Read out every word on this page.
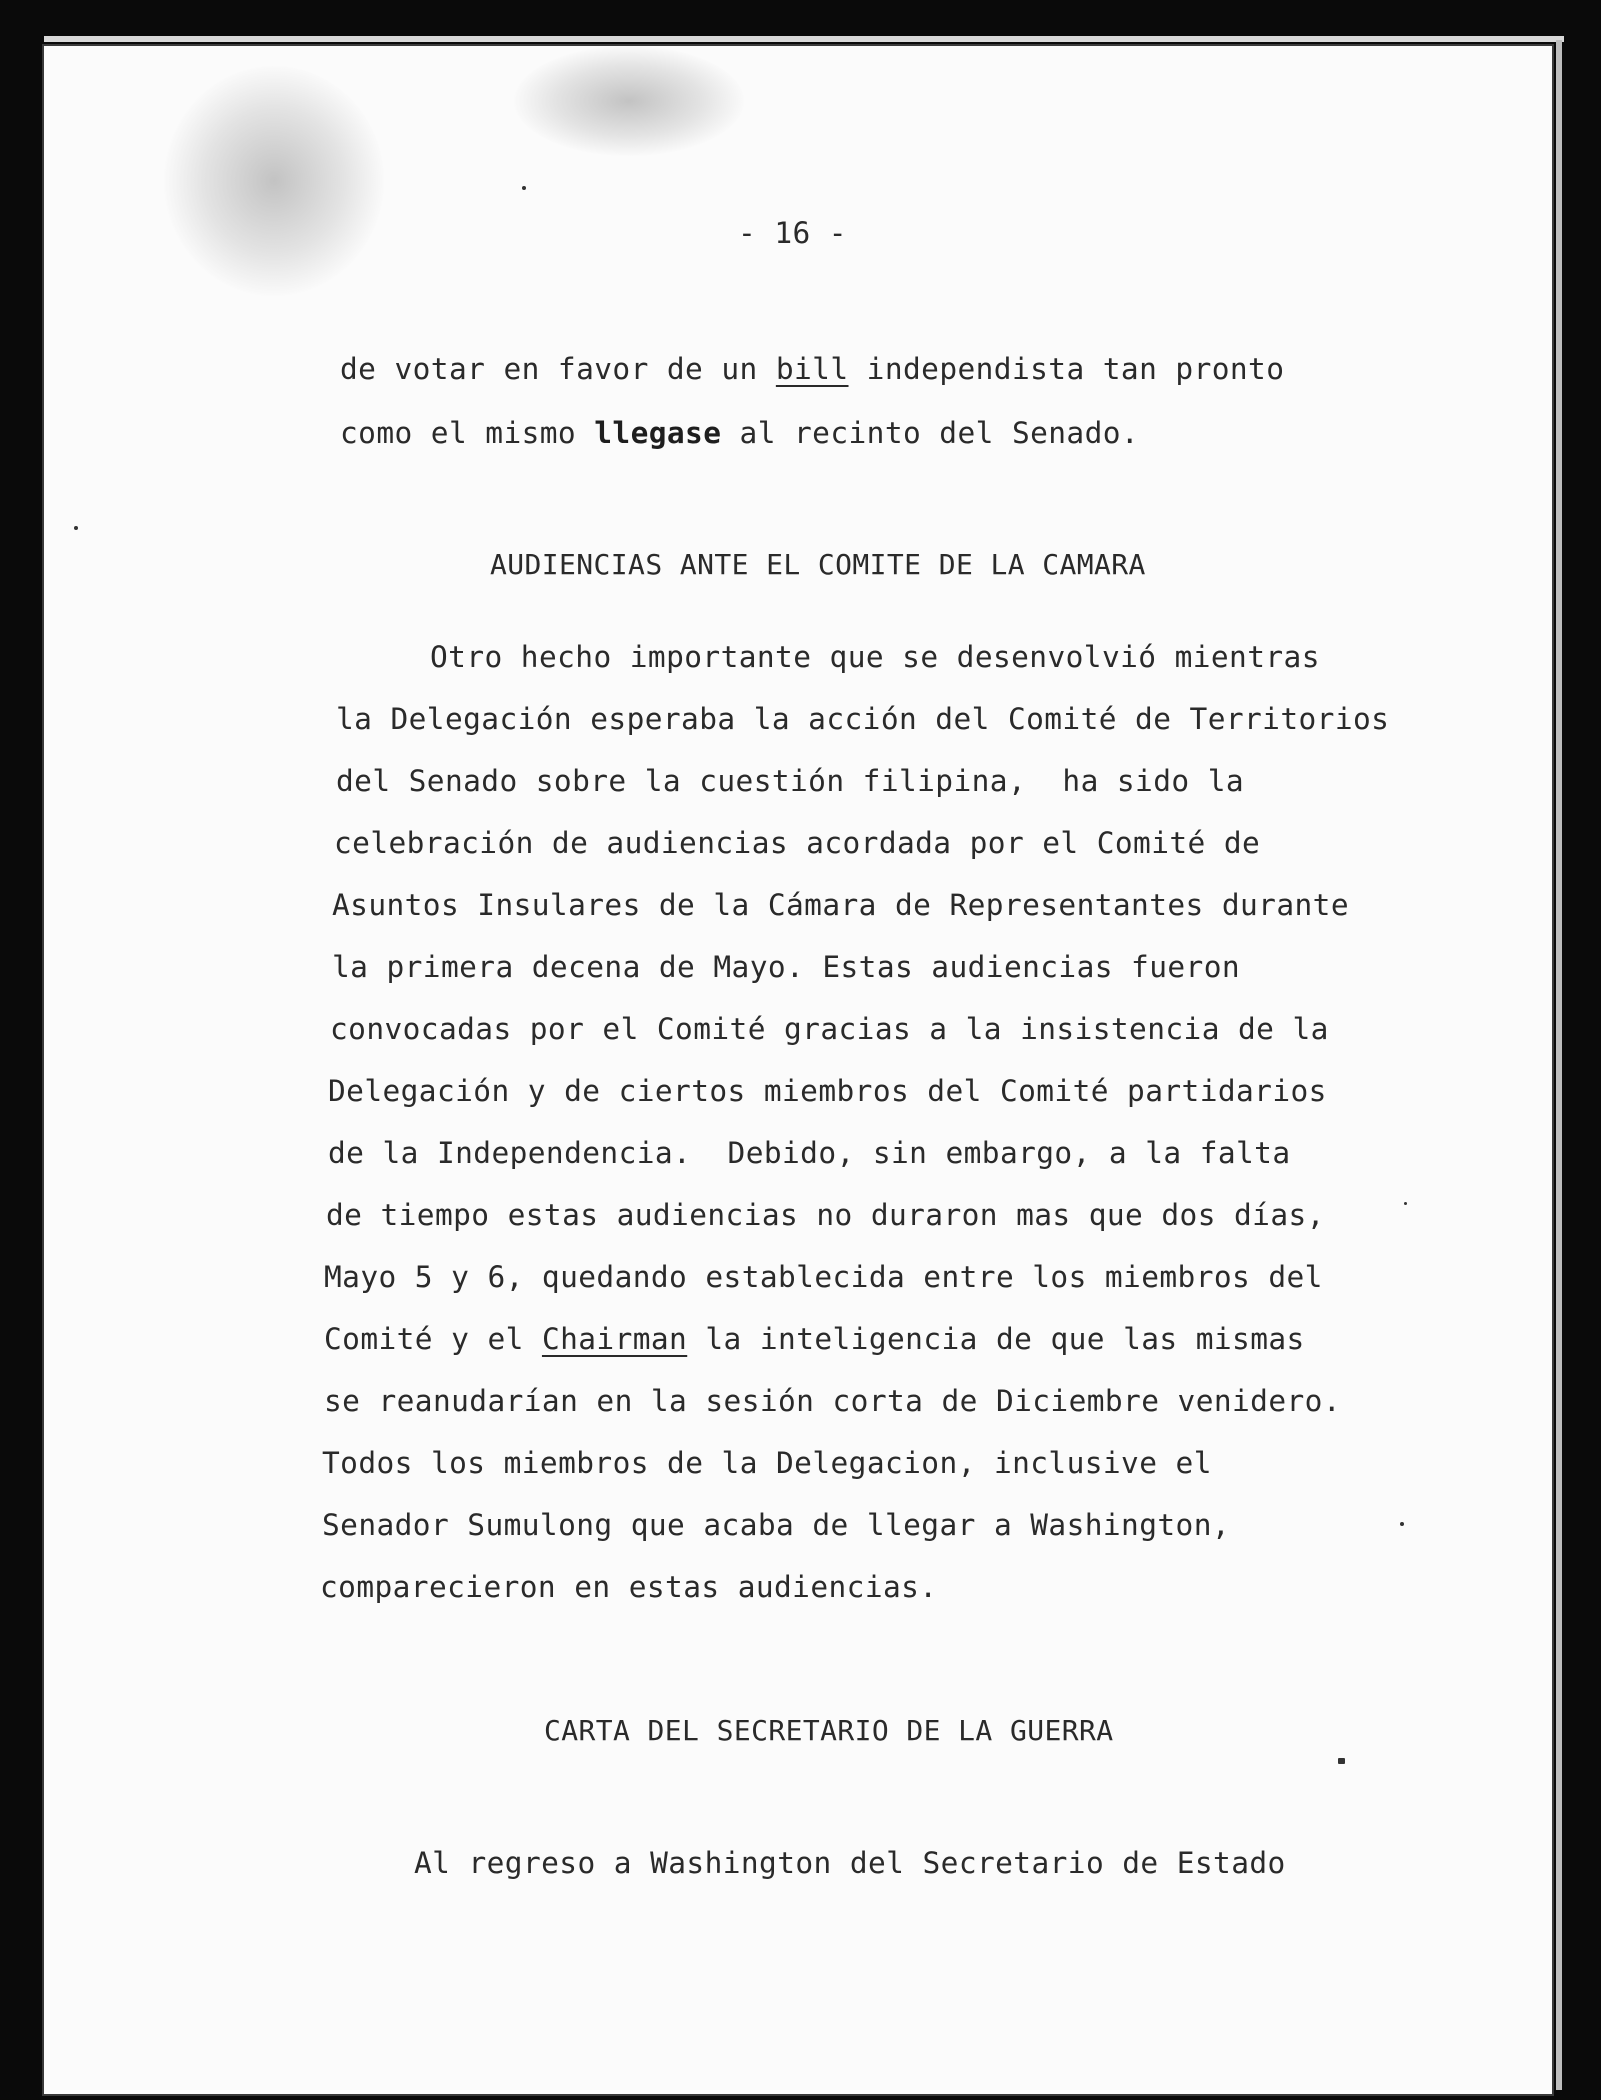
- 16 -
de votar en favor de un bill independista tan pronto
como el mismo llegase al recinto del Senado.
AUDIENCIAS ANTE EL COMITE DE LA CAMARA
Otro hecho importante que se desenvolvió mientras
la Delegación esperaba la acción del Comité de Territorios
del Senado sobre la cuestión filipina,  ha sido la
celebración de audiencias acordada por el Comité de
Asuntos Insulares de la Cámara de Representantes durante
la primera decena de Mayo. Estas audiencias fueron
convocadas por el Comité gracias a la insistencia de la
Delegación y de ciertos miembros del Comité partidarios
de la Independencia.  Debido, sin embargo, a la falta
de tiempo estas audiencias no duraron mas que dos días,
Mayo 5 y 6, quedando establecida entre los miembros del
Comité y el Chairman la inteligencia de que las mismas
se reanudarían en la sesión corta de Diciembre venidero.
Todos los miembros de la Delegacion, inclusive el
Senador Sumulong que acaba de llegar a Washington,
comparecieron en estas audiencias.
CARTA DEL SECRETARIO DE LA GUERRA
Al regreso a Washington del Secretario de Estado
